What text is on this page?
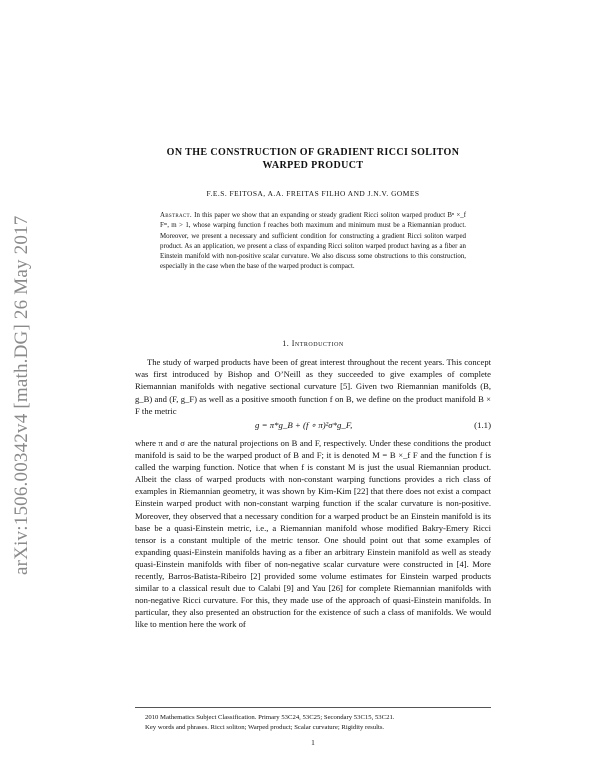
arXiv:1506.00342v4 [math.DG] 26 May 2017
ON THE CONSTRUCTION OF GRADIENT RICCI SOLITON
WARPED PRODUCT
F.E.S. FEITOSA, A.A. FREITAS FILHO AND J.N.V. GOMES
Abstract. In this paper we show that an expanding or steady gradient Ricci soliton warped product Bⁿ ×_f Fᵐ, m > 1, whose warping function f reaches both maximum and minimum must be a Riemannian product. Moreover, we present a necessary and sufficient condition for constructing a gradient Ricci soliton warped product. As an application, we present a class of expanding Ricci soliton warped product having as a fiber an Einstein manifold with non-positive scalar curvature. We also discuss some obstructions to this construction, especially in the case when the base of the warped product is compact.
1. Introduction

The study of warped products have been of great interest throughout the recent years. This concept was first introduced by Bishop and O’Neill as they succeeded to give examples of complete Riemannian manifolds with negative sectional curvature [5]. Given two Riemannian manifolds (B, g_B) and (F, g_F) as well as a positive smooth function f on B, we define on the product manifold B × F the metric

g = π*g_B + (f ∘ π)²σ*g_F,	(1.1)

where π and σ are the natural projections on B and F, respectively. Under these conditions the product manifold is said to be the warped product of B and F; it is denoted M = B ×_f F and the function f is called the warping function. Notice that when f is constant M is just the usual Riemannian product. Albeit the class of warped products with non-constant warping functions provides a rich class of examples in Riemannian geometry, it was shown by Kim-Kim [22] that there does not exist a compact Einstein warped product with non-constant warping function if the scalar curvature is non-positive. Moreover, they observed that a necessary condition for a warped product be an Einstein manifold is its base be a quasi-Einstein metric, i.e., a Riemannian manifold whose modified Bakry-Emery Ricci tensor is a constant multiple of the metric tensor. One should point out that some examples of expanding quasi-Einstein manifolds having as a fiber an arbitrary Einstein manifold as well as steady quasi-Einstein manifolds with fiber of non-negative scalar curvature were constructed in [4]. More recently, Barros-Batista-Ribeiro [2] provided some volume estimates for Einstein warped products similar to a classical result due to Calabi [9] and Yau [26] for complete Riemannian manifolds with non-negative Ricci curvature. For this, they made use of the approach of quasi-Einstein manifolds. In particular, they also presented an obstruction for the existence of such a class of manifolds. We would like to mention here the work of

2010 Mathematics Subject Classification. Primary 53C24, 53C25; Secondary 53C15, 53C21.

Key words and phrases. Ricci soliton; Warped product; Scalar curvature; Rigidity results.

1
